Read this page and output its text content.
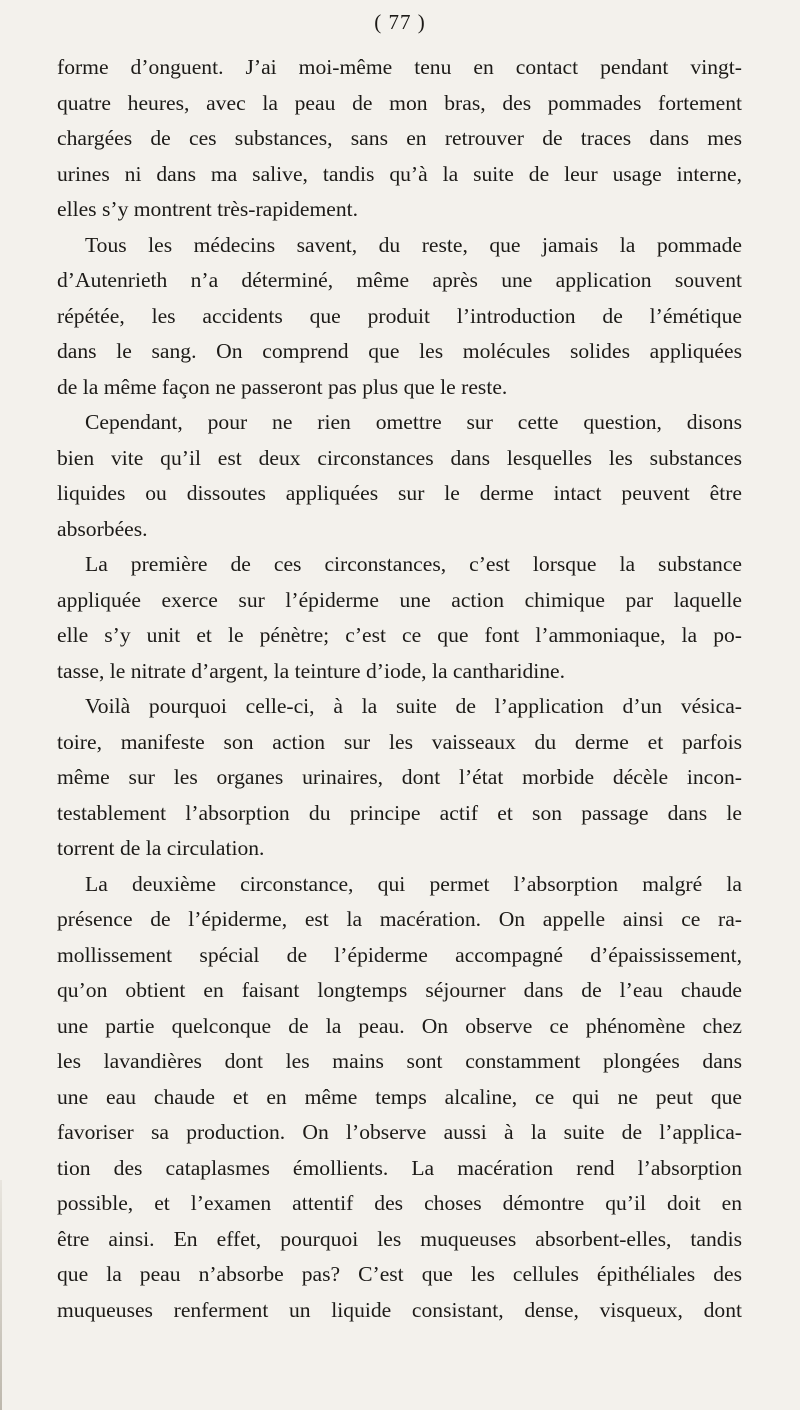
( 77 )
forme d’onguent. J’ai moi-même tenu en contact pendant vingt-
quatre heures, avec la peau de mon bras, des pommades fortement
chargées de ces substances, sans en retrouver de traces dans mes
urines ni dans ma salive, tandis qu’à la suite de leur usage interne,
elles s’y montrent très-rapidement.
Tous les médecins savent, du reste, que jamais la pommade
d’Autenrieth n’a déterminé, même après une application souvent
répétée, les accidents que produit l’introduction de l’émétique
dans le sang. On comprend que les molécules solides appliquées
de la même façon ne passeront pas plus que le reste.
Cependant, pour ne rien omettre sur cette question, disons
bien vite qu’il est deux circonstances dans lesquelles les substances
liquides ou dissoutes appliquées sur le derme intact peuvent être
absorbées.
La première de ces circonstances, c’est lorsque la substance
appliquée exerce sur l’épiderme une action chimique par laquelle
elle s’y unit et le pénètre; c’est ce que font l’ammoniaque, la po-
tasse, le nitrate d’argent, la teinture d’iode, la cantharidine.
Voilà pourquoi celle-ci, à la suite de l’application d’un vésica-
toire, manifeste son action sur les vaisseaux du derme et parfois
même sur les organes urinaires, dont l’état morbide décèle incon-
testablement l’absorption du principe actif et son passage dans le
torrent de la circulation.
La deuxième circonstance, qui permet l’absorption malgré la
présence de l’épiderme, est la macération. On appelle ainsi ce ra-
mollissement spécial de l’épiderme accompagné d’épaississement,
qu’on obtient en faisant longtemps séjourner dans de l’eau chaude
une partie quelconque de la peau. On observe ce phénomène chez
les lavandières dont les mains sont constamment plongées dans
une eau chaude et en même temps alcaline, ce qui ne peut que
favoriser sa production. On l’observe aussi à la suite de l’applica-
tion des cataplasmes émollients. La macération rend l’absorption
possible, et l’examen attentif des choses démontre qu’il doit en
être ainsi. En effet, pourquoi les muqueuses absorbent-elles, tandis
que la peau n’absorbe pas? C’est que les cellules épithéliales des
muqueuses renferment un liquide consistant, dense, visqueux, dont
